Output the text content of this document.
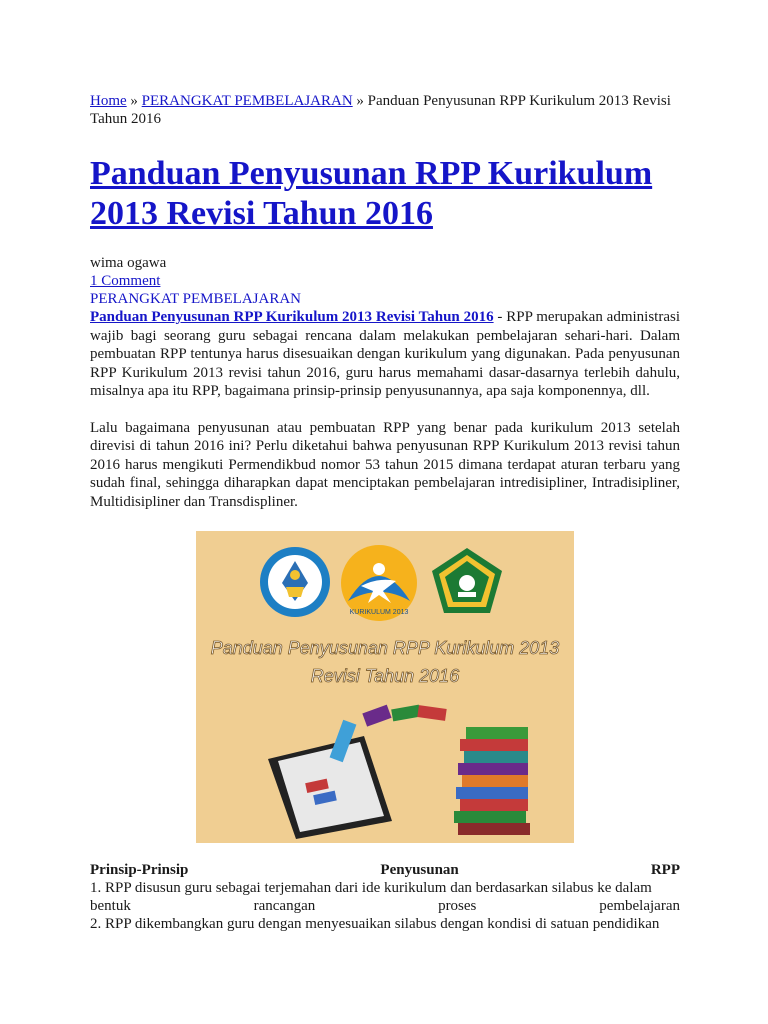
Home » PERANGKAT PEMBELAJARAN » Panduan Penyusunan RPP Kurikulum 2013 Revisi Tahun 2016
Panduan Penyusunan RPP Kurikulum 2013 Revisi Tahun 2016
wima ogawa
1 Comment
PERANGKAT PEMBELAJARAN
Panduan Penyusunan RPP Kurikulum 2013 Revisi Tahun 2016 - RPP merupakan administrasi wajib bagi seorang guru sebagai rencana dalam melakukan pembelajaran sehari-hari. Dalam pembuatan RPP tentunya harus disesuaikan dengan kurikulum yang digunakan. Pada penyusunan RPP Kurikulum 2013 revisi tahun 2016, guru harus memahami dasar-dasarnya terlebih dahulu, misalnya apa itu RPP, bagaimana prinsip-prinsip penyusunannya, apa saja komponennya, dll.
Lalu bagaimana penyusunan atau pembuatan RPP yang benar pada kurikulum 2013 setelah direvisi di tahun 2016 ini? Perlu diketahui bahwa penyusunan RPP Kurikulum 2013 revisi tahun 2016 harus mengikuti Permendikbud nomor 53 tahun 2015 dimana terdapat aturan terbaru yang sudah final, sehingga diharapkan dapat menciptakan pembelajaran intredisipliner, Intradisipliner, Multidisipliner dan Transdispliner.
KURIKULUM 2013
Panduan Penyusunan RPP Kurikulum 2013
Revisi Tahun 2016
Prinsip-Prinsip	Penyusunan	RPP
1. RPP disusun guru sebagai terjemahan dari ide kurikulum dan berdasarkan silabus ke dalam
bentuk	rancangan	proses	pembelajaran
2. RPP dikembangkan guru dengan menyesuaikan silabus dengan kondisi di satuan pendidikan
